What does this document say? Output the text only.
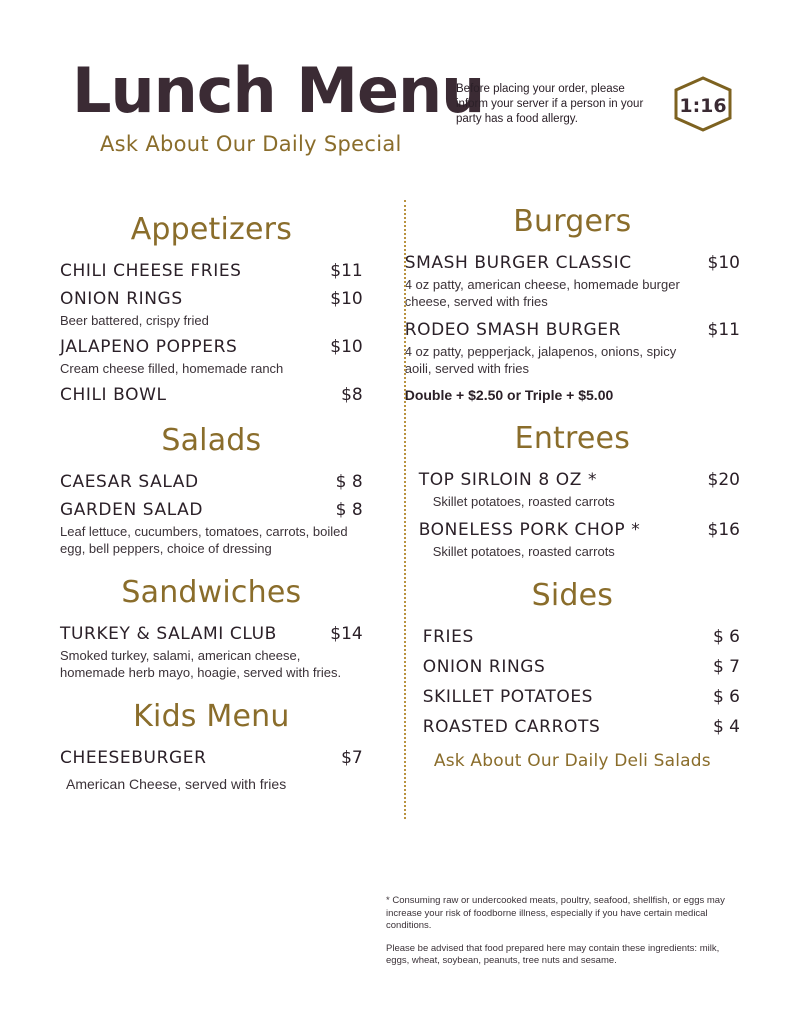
Lunch Menu
Ask About Our Daily Special
Before placing your order, please inform your server if a person in your party has a food allergy.
1:16
Appetizers
CHILI CHEESE FRIES	$11
ONION RINGS	$10
Beer battered, crispy fried
JALAPENO POPPERS	$10
Cream cheese filled, homemade ranch
CHILI BOWL	$8
Salads
CAESAR SALAD	$ 8
GARDEN SALAD	$ 8
Leaf lettuce, cucumbers, tomatoes, carrots, boiled egg, bell peppers, choice of dressing
Sandwiches
TURKEY & SALAMI CLUB	$14
Smoked turkey, salami, american cheese, homemade herb mayo, hoagie, served with fries.
Kids Menu
CHEESEBURGER	$7
American Cheese, served with fries
Burgers
SMASH BURGER CLASSIC	$10
4 oz patty, american cheese, homemade burger cheese, served with fries
RODEO SMASH BURGER	$11
4 oz patty, pepperjack, jalapenos, onions, spicy aoili, served with fries
Double + $2.50 or Triple + $5.00
Entrees
TOP SIRLOIN 8 OZ *	$20
Skillet potatoes, roasted carrots
BONELESS PORK CHOP *	$16
Skillet potatoes, roasted carrots
Sides
FRIES	$ 6
ONION RINGS	$ 7
SKILLET POTATOES	$ 6
ROASTED CARROTS	$ 4
Ask About Our Daily Deli Salads
* Consuming raw or undercooked meats, poultry, seafood, shellfish, or eggs may increase your risk of foodborne illness, especially if you have certain medical conditions.
Please be advised that food prepared here may contain these ingredients: milk, eggs, wheat, soybean, peanuts, tree nuts and sesame.
